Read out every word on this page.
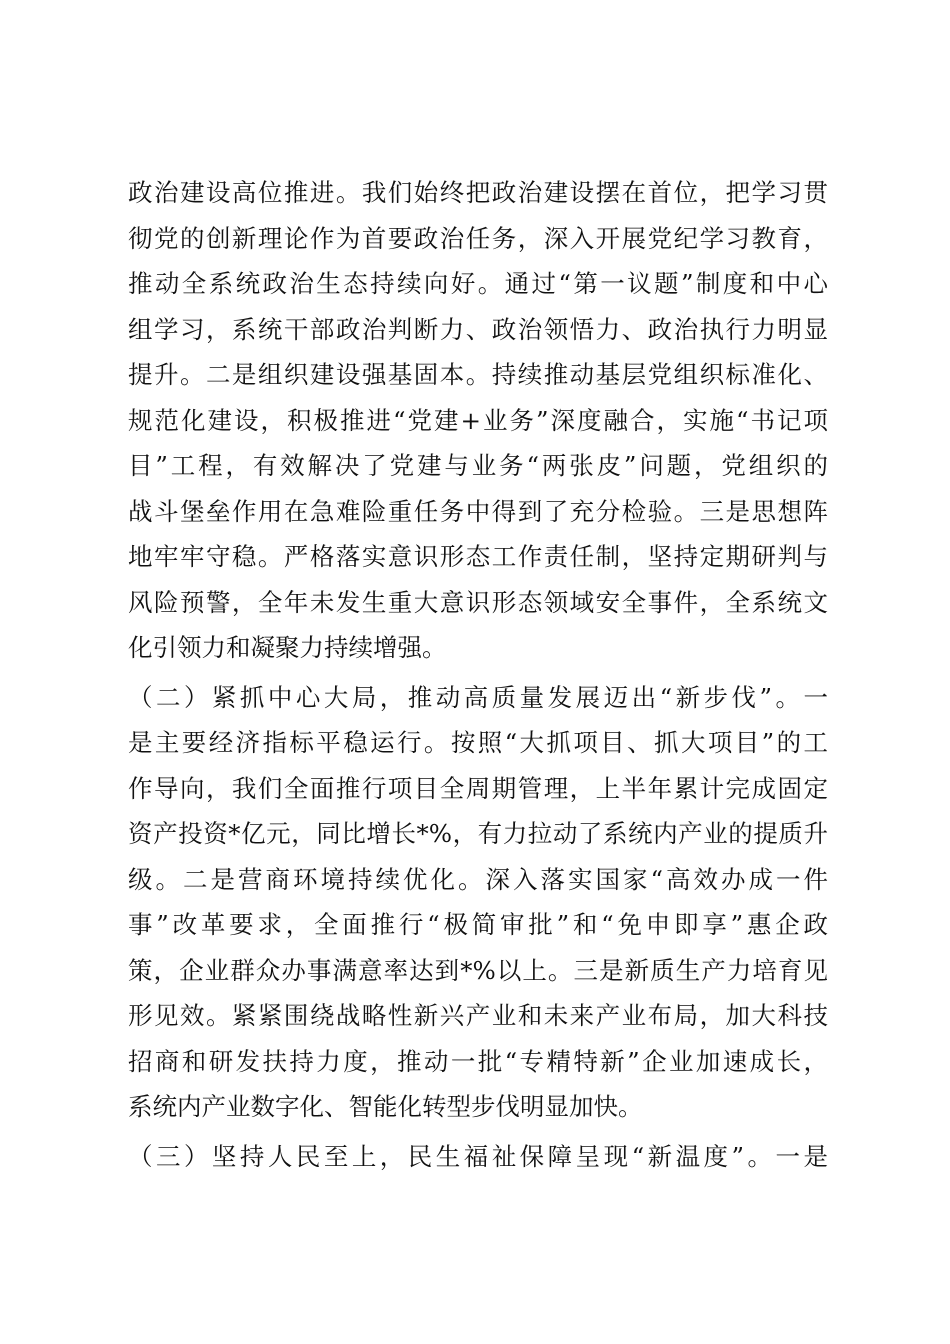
政治建设高位推进。我们始终把政治建设摆在首位，把学习贯
彻党的创新理论作为首要政治任务，深入开展党纪学习教育，
推动全系统政治生态持续向好。通过“第一议题”制度和中心
组学习，系统干部政治判断力、政治领悟力、政治执行力明显
提升。二是组织建设强基固本。持续推动基层党组织标准化、
规范化建设，积极推进“党建+业务”深度融合，实施“书记项
目”工程，有效解决了党建与业务“两张皮”问题，党组织的
战斗堡垒作用在急难险重任务中得到了充分检验。三是思想阵
地牢牢守稳。严格落实意识形态工作责任制，坚持定期研判与
风险预警，全年未发生重大意识形态领域安全事件，全系统文
化引领力和凝聚力持续增强。
（二）紧抓中心大局，推动高质量发展迈出“新步伐”。一
是主要经济指标平稳运行。按照“大抓项目、抓大项目”的工
作导向，我们全面推行项目全周期管理，上半年累计完成固定
资产投资*亿元，同比增长*%，有力拉动了系统内产业的提质升
级。二是营商环境持续优化。深入落实国家“高效办成一件
事”改革要求，全面推行“极简审批”和“免申即享”惠企政
策，企业群众办事满意率达到*%以上。三是新质生产力培育见
形见效。紧紧围绕战略性新兴产业和未来产业布局，加大科技
招商和研发扶持力度，推动一批“专精特新”企业加速成长，
系统内产业数字化、智能化转型步伐明显加快。
（三）坚持人民至上，民生福祉保障呈现“新温度”。一是
